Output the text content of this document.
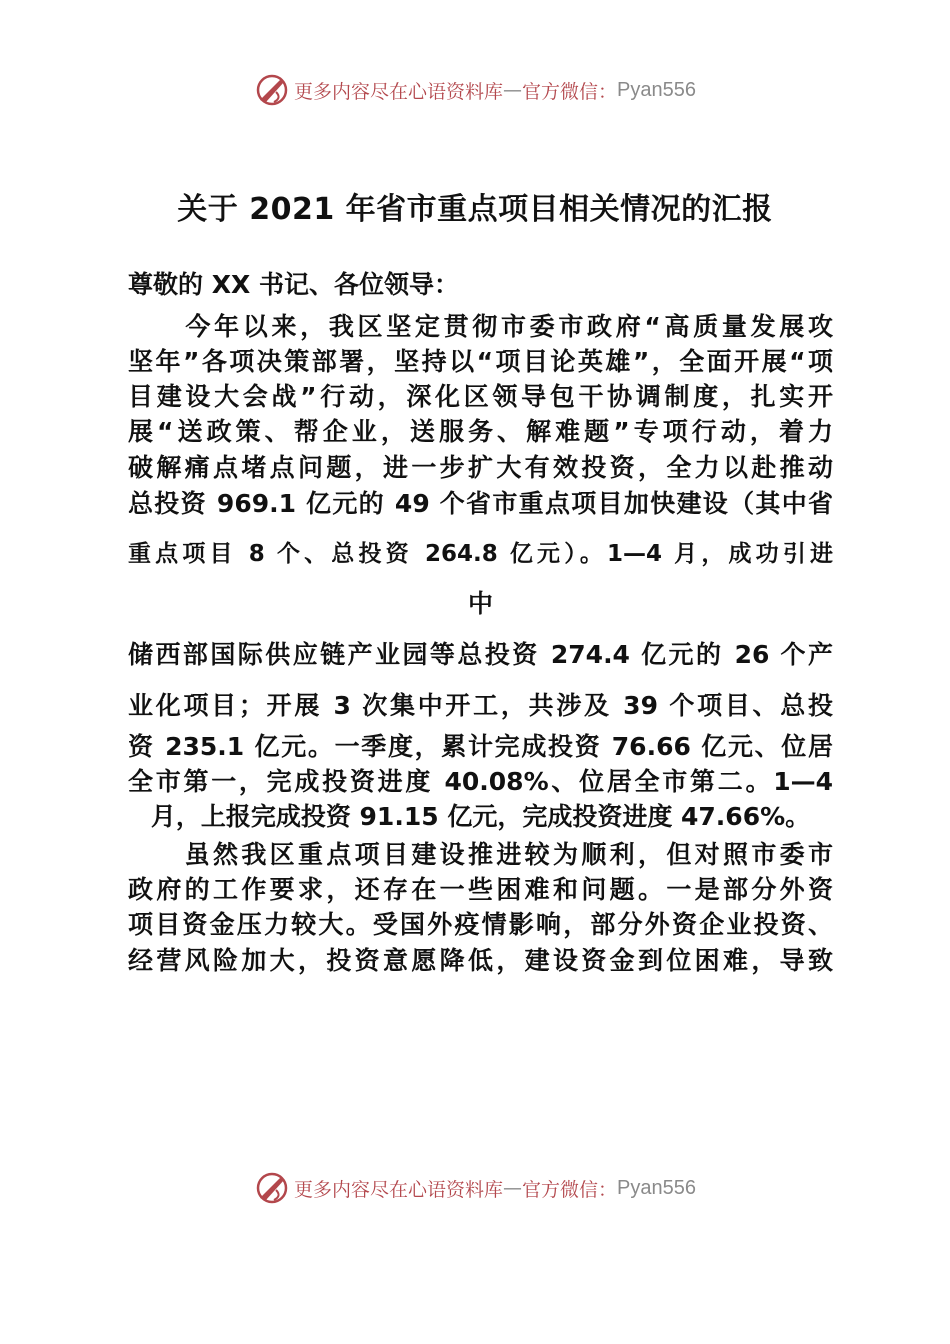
更多内容尽在心语资料库 — 官方微信： Pyan556
关于 2021 年省市重点项目相关情况的汇报
尊敬的 XX 书记、各位领导：
　　今年以来，我区坚定贯彻市委市政府“高质量发展攻
坚年”各项决策部署，坚持以“项目论英雄”，全面开展“项
目建设大会战”行动，深化区领导包干协调制度，扎实开
展“送政策、帮企业，送服务、解难题”专项行动，着力
破解痛点堵点问题，进一步扩大有效投资，全力以赴推动
总投资 969.1 亿元的 49 个省市重点项目加快建设（其中省
重点项目 8 个、总投资 264.8 亿元）。1—4 月，成功引进
中
储西部国际供应链产业园等总投资 274.4 亿元的 26 个产
业化项目；开展 3 次集中开工，共涉及 39 个项目、总投
资 235.1 亿元。一季度，累计完成投资 76.66 亿元、位居
全市第一，完成投资进度 40.08%、位居全市第二。1—4
月，上报完成投资 91.15 亿元，完成投资进度 47.66%。
　　虽然我区重点项目建设推进较为顺利，但对照市委市
政府的工作要求，还存在一些困难和问题。一是部分外资
项目资金压力较大。受国外疫情影响，部分外资企业投资、
经营风险加大，投资意愿降低，建设资金到位困难，导致
更多内容尽在心语资料库 — 官方微信： Pyan556
